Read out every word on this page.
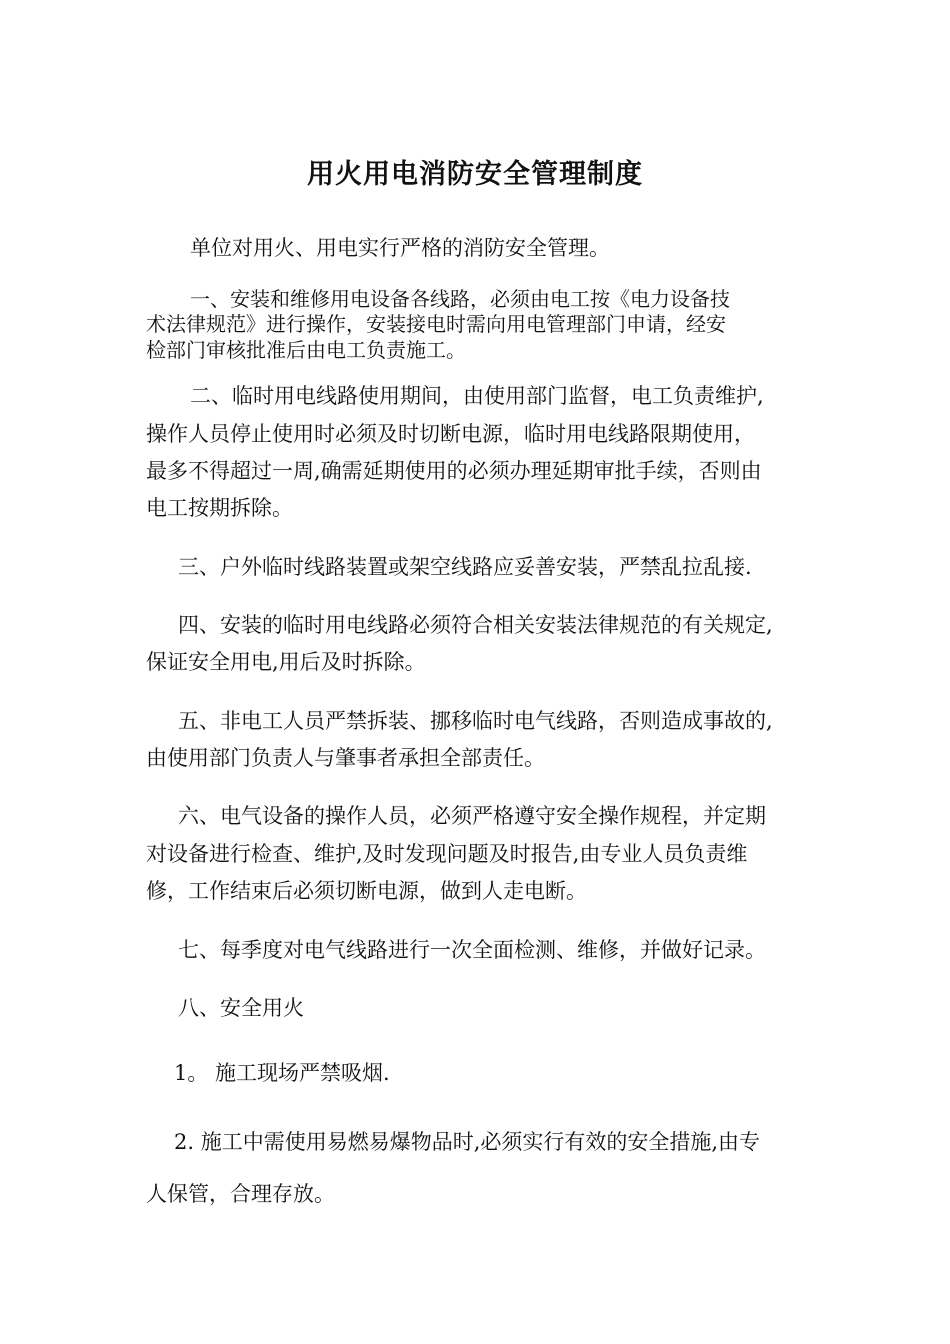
用火用电消防安全管理制度
单位对用火、用电实行严格的消防安全管理。
一、安装和维修用电设备各线路，必须由电工按《电力设备技
术法律规范》进行操作，安装接电时需向用电管理部门申请，经安
检部门审核批准后由电工负责施工。
二、临时用电线路使用期间，由使用部门监督，电工负责维护,
操作人员停止使用时必须及时切断电源，临时用电线路限期使用，
最多不得超过一周,确需延期使用的必须办理延期审批手续，否则由
电工按期拆除。
三、户外临时线路装置或架空线路应妥善安装，严禁乱拉乱接.
四、安装的临时用电线路必须符合相关安装法律规范的有关规定,
保证安全用电,用后及时拆除。
五、非电工人员严禁拆装、挪移临时电气线路，否则造成事故的,
由使用部门负责人与肇事者承担全部责任。
六、电气设备的操作人员，必须严格遵守安全操作规程，并定期
对设备进行检查、维护,及时发现问题及时报告,由专业人员负责维
修，工作结束后必须切断电源，做到人走电断。
七、每季度对电气线路进行一次全面检测、维修，并做好记录。
八、安全用火
1。 施工现场严禁吸烟.
2. 施工中需使用易燃易爆物品时,必须实行有效的安全措施,由专
人保管，合理存放。
